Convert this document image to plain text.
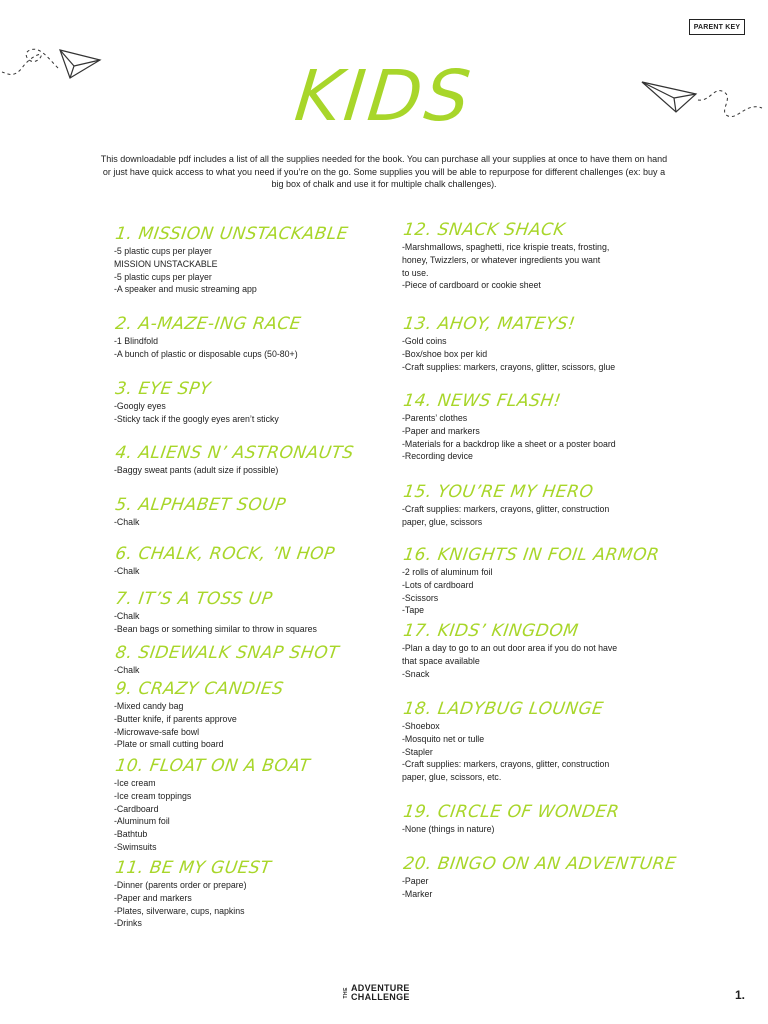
PARENT KEY
KIDS
This downloadable pdf includes a list of all the supplies needed for the book. You can purchase all your supplies at once to have them on hand or just have quick access to what you need if you’re on the go. Some supplies you will be able to repurpose for different challenges (ex: buy a big box of chalk and use it for multiple chalk challenges).
1. MISSION UNSTACKABLE
-5 plastic cups per player
MISSION UNSTACKABLE
-5 plastic cups per player
-A speaker and music streaming app
2. A-MAZE-ING RACE
-1 Blindfold
-A bunch of plastic or disposable cups (50-80+)
3. EYE SPY
-Googly eyes
-Sticky tack if the googly eyes aren’t sticky
4. ALIENS N’ ASTRONAUTS
-Baggy sweat pants (adult size if possible)
5. ALPHABET SOUP
-Chalk
6. CHALK, ROCK, ’N HOP
-Chalk
7. IT’S A TOSS UP
-Chalk
-Bean bags or something similar to throw in squares
8. SIDEWALK SNAP SHOT
-Chalk
9. CRAZY CANDIES
-Mixed candy bag
-Butter knife, if parents approve
-Microwave-safe bowl
-Plate or small cutting board
10. FLOAT ON A BOAT
-Ice cream
-Ice cream toppings
-Cardboard
-Aluminum foil
-Bathtub
-Swimsuits
11. BE MY GUEST
-Dinner (parents order or prepare)
-Paper and markers
-Plates, silverware, cups, napkins
-Drinks
12. SNACK SHACK
-Marshmallows, spaghetti, rice krispie treats, frosting,
honey, Twizzlers, or whatever ingredients you want
to use.
-Piece of cardboard or cookie sheet
13. AHOY, MATEYS!
-Gold coins
-Box/shoe box per kid
-Craft supplies: markers, crayons, glitter, scissors, glue
14. NEWS FLASH!
-Parents’ clothes
-Paper and markers
-Materials for a backdrop like a sheet or a poster board
-Recording device
15. YOU’RE MY HERO
-Craft supplies: markers, crayons, glitter, construction
paper, glue, scissors
16. KNIGHTS IN FOIL ARMOR
-2 rolls of aluminum foil
-Lots of cardboard
-Scissors
-Tape
17. KIDS’ KINGDOM
-Plan a day to go to an out door area if you do not have
that space available
-Snack
18. LADYBUG LOUNGE
-Shoebox
-Mosquito net or tulle
-Stapler
-Craft supplies: markers, crayons, glitter, construction
paper, glue, scissors, etc.
19. CIRCLE OF WONDER
-None (things in nature)
20. BINGO ON AN ADVENTURE
-Paper
-Marker
THE ADVENTURE
CHALLENGE	1.
